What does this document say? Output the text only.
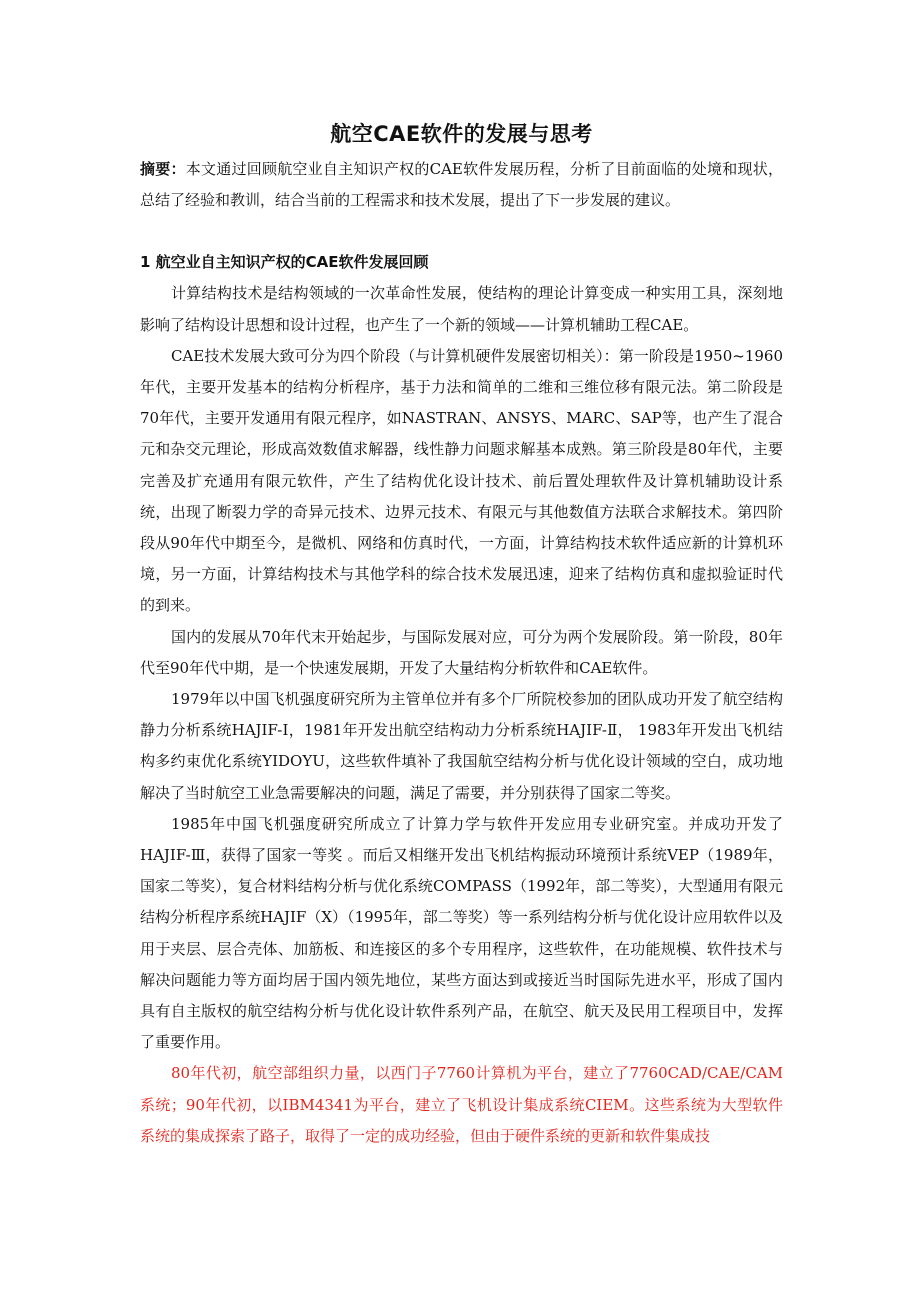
航空CAE软件的发展与思考

摘要：本文通过回顾航空业自主知识产权的CAE软件发展历程，分析了目前面临的处境和现状，总结了经验和教训，结合当前的工程需求和技术发展，提出了下一步发展的建议。

1 航空业自主知识产权的CAE软件发展回顾

计算结构技术是结构领域的一次革命性发展，使结构的理论计算变成一种实用工具，深刻地影响了结构设计思想和设计过程，也产生了一个新的领域——计算机辅助工程CAE。

CAE技术发展大致可分为四个阶段（与计算机硬件发展密切相关）：第一阶段是1950~1960年代，主要开发基本的结构分析程序，基于力法和简单的二维和三维位移有限元法。第二阶段是70年代，主要开发通用有限元程序，如NASTRAN、ANSYS、MARC、SAP等，也产生了混合元和杂交元理论，形成高效数值求解器，线性静力问题求解基本成熟。第三阶段是80年代，主要完善及扩充通用有限元软件，产生了结构优化设计技术、前后置处理软件及计算机辅助设计系统，出现了断裂力学的奇异元技术、边界元技术、有限元与其他数值方法联合求解技术。第四阶段从90年代中期至今，是微机、网络和仿真时代，一方面，计算结构技术软件适应新的计算机环境，另一方面，计算结构技术与其他学科的综合技术发展迅速，迎来了结构仿真和虚拟验证时代的到来。

国内的发展从70年代末开始起步，与国际发展对应，可分为两个发展阶段。第一阶段，80年代至90年代中期，是一个快速发展期，开发了大量结构分析软件和CAE软件。

1979年以中国飞机强度研究所为主管单位并有多个厂所院校参加的团队成功开发了航空结构静力分析系统HAJIF-Ⅰ，1981年开发出航空结构动力分析系统HAJIF-Ⅱ， 1983年开发出飞机结构多约束优化系统YIDOYU，这些软件填补了我国航空结构分析与优化设计领域的空白，成功地解决了当时航空工业急需要解决的问题，满足了需要，并分别获得了国家二等奖。

1985年中国飞机强度研究所成立了计算力学与软件开发应用专业研究室。并成功开发了HAJIF-Ⅲ，获得了国家一等奖 。而后又相继开发出飞机结构振动环境预计系统VEP（1989年，国家二等奖），复合材料结构分析与优化系统COMPASS（1992年，部二等奖），大型通用有限元结构分析程序系统HAJIF（X）（1995年，部二等奖）等一系列结构分析与优化设计应用软件以及用于夹层、层合壳体、加筋板、和连接区的多个专用程序，这些软件，在功能规模、软件技术与解决问题能力等方面均居于国内领先地位，某些方面达到或接近当时国际先进水平，形成了国内具有自主版权的航空结构分析与优化设计软件系列产品，在航空、航天及民用工程项目中，发挥了重要作用。

80年代初，航空部组织力量，以西门子7760计算机为平台，建立了7760CAD/CAE/CAM系统；90年代初，以IBM4341为平台，建立了飞机设计集成系统CIEM。这些系统为大型软件系统的集成探索了路子，取得了一定的成功经验，但由于硬件系统的更新和软件集成技
